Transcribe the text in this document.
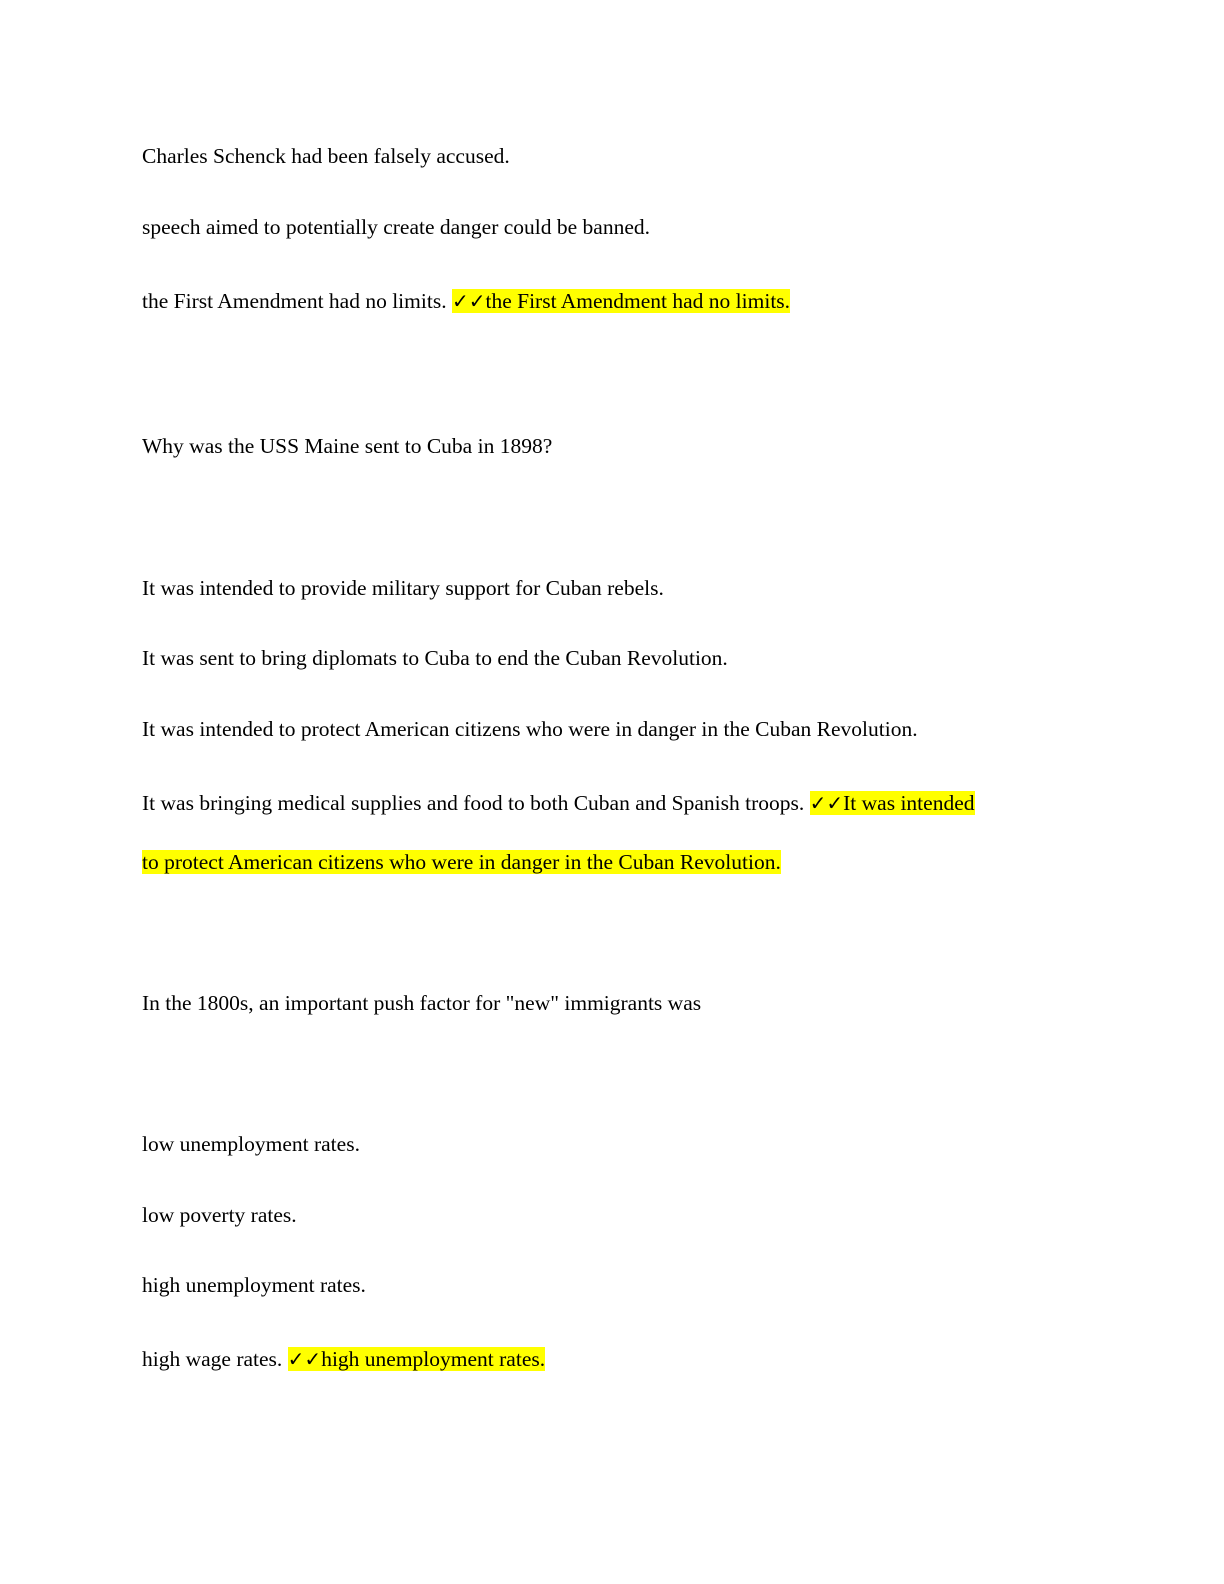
Charles Schenck had been falsely accused.
speech aimed to potentially create danger could be banned.
the First Amendment had no limits. ✓✓the First Amendment had no limits.
Why was the USS Maine sent to Cuba in 1898?
It was intended to provide military support for Cuban rebels.
It was sent to bring diplomats to Cuba to end the Cuban Revolution.
It was intended to protect American citizens who were in danger in the Cuban Revolution.
It was bringing medical supplies and food to both Cuban and Spanish troops. ✓✓It was intended
to protect American citizens who were in danger in the Cuban Revolution.
In the 1800s, an important push factor for "new" immigrants was
low unemployment rates.
low poverty rates.
high unemployment rates.
high wage rates. ✓✓high unemployment rates.
